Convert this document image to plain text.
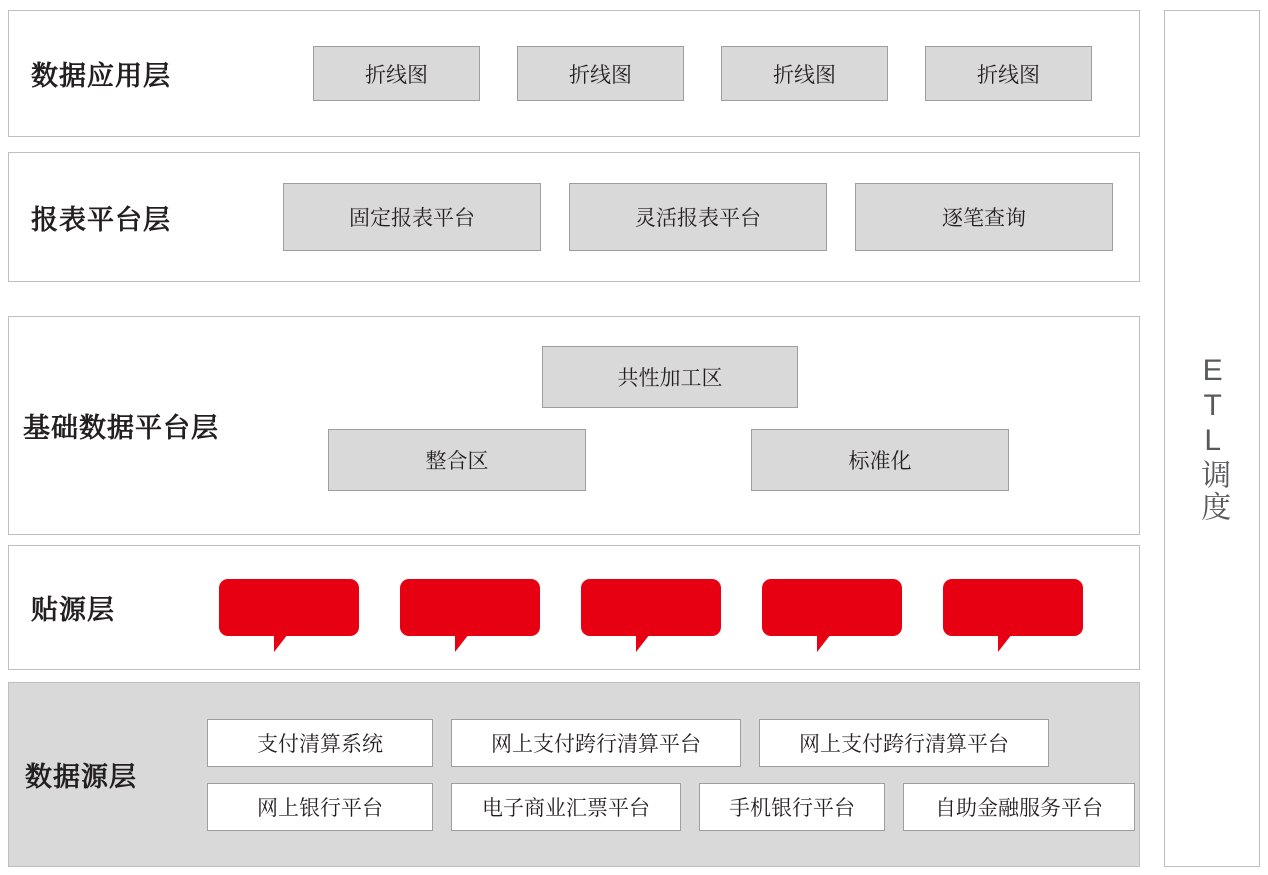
数据应用层	折线图	折线图	折线图	折线图
报表平台层	固定报表平台	灵活报表平台	逐笔查询
基础数据平台层
共性加工区
整合区	标准化
贴源层
数据源层
支付清算系统	网上支付跨行清算平台	网上支付跨行清算平台
网上银行平台	电子商业汇票平台	手机银行平台	自助金融服务平台
ETL调度
